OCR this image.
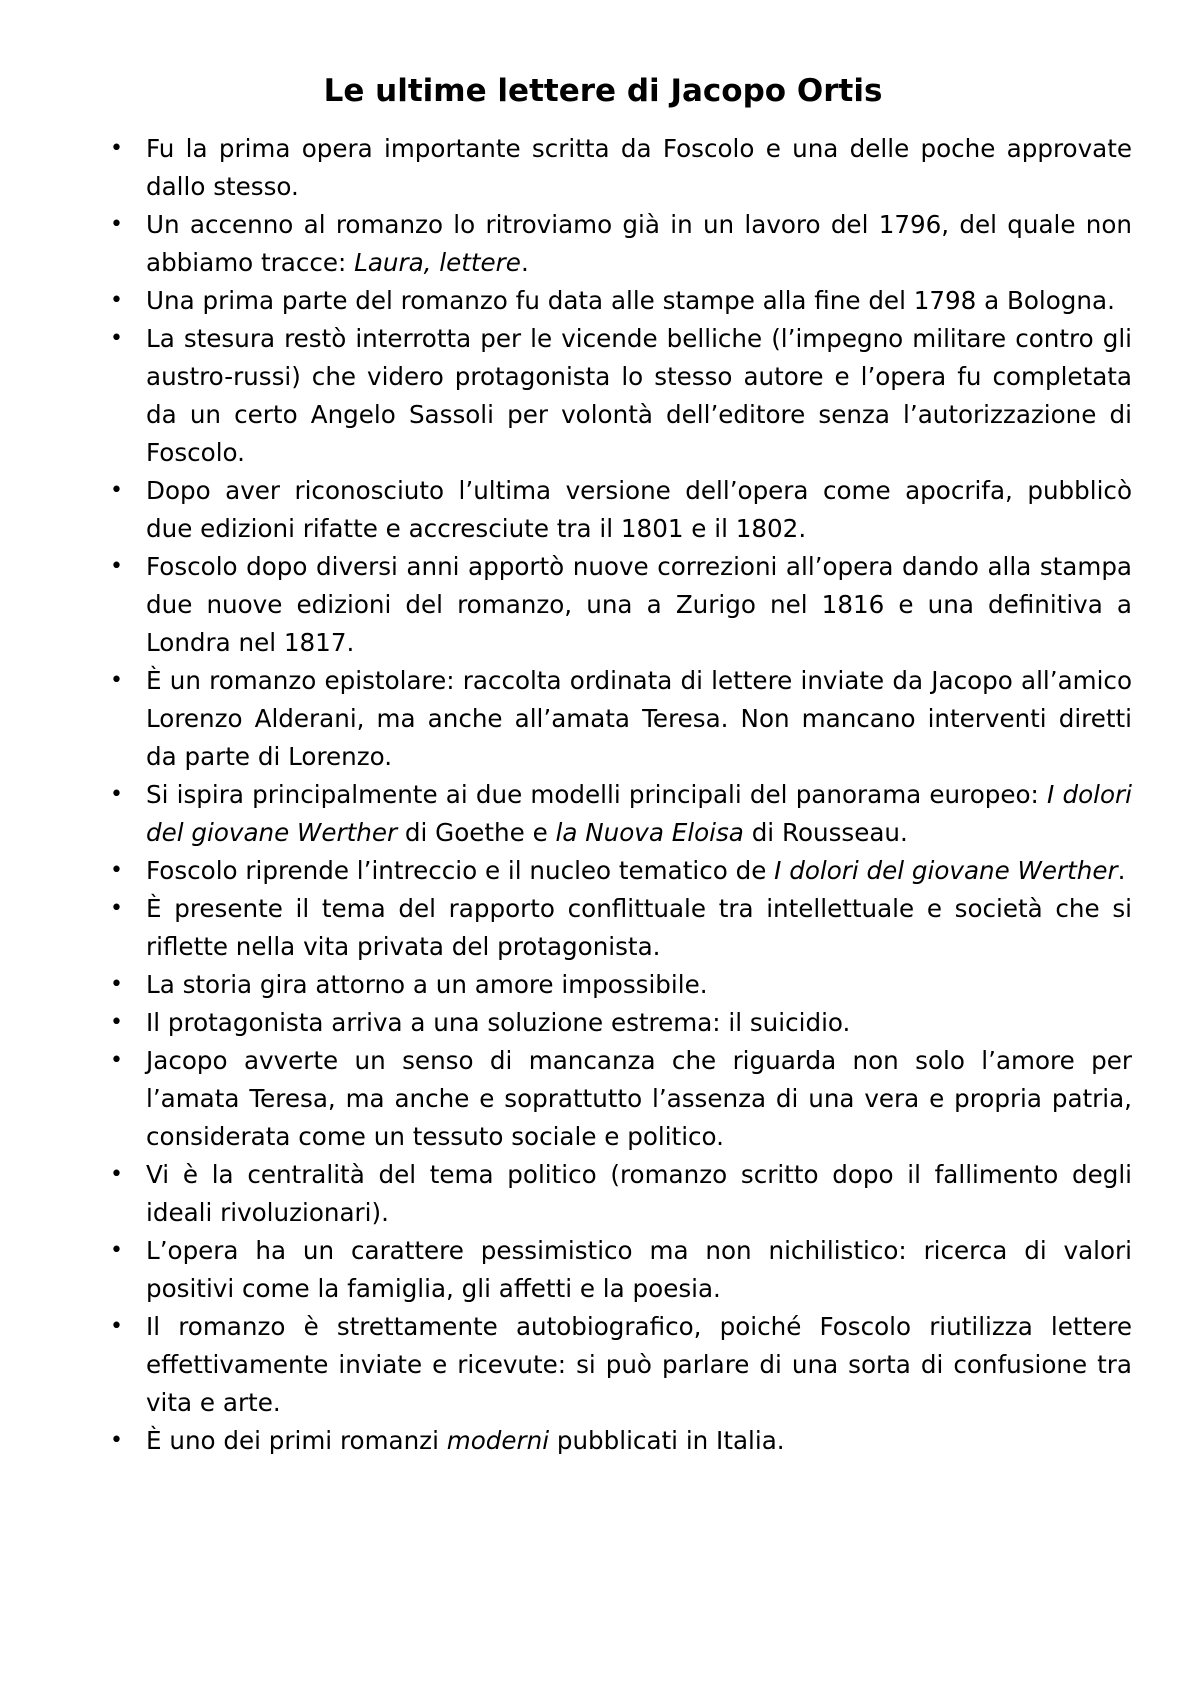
Le ultime lettere di Jacopo Ortis
• Fu la prima opera importante scritta da Foscolo e una delle poche approvate dallo stesso.
• Un accenno al romanzo lo ritroviamo già in un lavoro del 1796, del quale non abbiamo tracce: Laura, lettere.
• Una prima parte del romanzo fu data alle stampe alla fine del 1798 a Bologna.
• La stesura restò interrotta per le vicende belliche (l’impegno militare contro gli austro-russi) che videro protagonista lo stesso autore e l’opera fu completata da un certo Angelo Sassoli per volontà dell’editore senza l’autorizzazione di Foscolo.
• Dopo aver riconosciuto l’ultima versione dell’opera come apocrifa, pubblicò due edizioni rifatte e accresciute tra il 1801 e il 1802.
• Foscolo dopo diversi anni apportò nuove correzioni all’opera dando alla stampa due nuove edizioni del romanzo, una a Zurigo nel 1816 e una definitiva a Londra nel 1817.
• È un romanzo epistolare: raccolta ordinata di lettere inviate da Jacopo all’amico Lorenzo Alderani, ma anche all’amata Teresa. Non mancano interventi diretti da parte di Lorenzo.
• Si ispira principalmente ai due modelli principali del panorama europeo: I dolori del giovane Werther di Goethe e la Nuova Eloisa di Rousseau.
• Foscolo riprende l’intreccio e il nucleo tematico de I dolori del giovane Werther.
• È presente il tema del rapporto conflittuale tra intellettuale e società che si riflette nella vita privata del protagonista.
• La storia gira attorno a un amore impossibile.
• Il protagonista arriva a una soluzione estrema: il suicidio.
• Jacopo avverte un senso di mancanza che riguarda non solo l’amore per l’amata Teresa, ma anche e soprattutto l’assenza di una vera e propria patria, considerata come un tessuto sociale e politico.
• Vi è la centralità del tema politico (romanzo scritto dopo il fallimento degli ideali rivoluzionari).
• L’opera ha un carattere pessimistico ma non nichilistico: ricerca di valori positivi come la famiglia, gli affetti e la poesia.
• Il romanzo è strettamente autobiografico, poiché Foscolo riutilizza lettere effettivamente inviate e ricevute: si può parlare di una sorta di confusione tra vita e arte.
• È uno dei primi romanzi moderni pubblicati in Italia.
